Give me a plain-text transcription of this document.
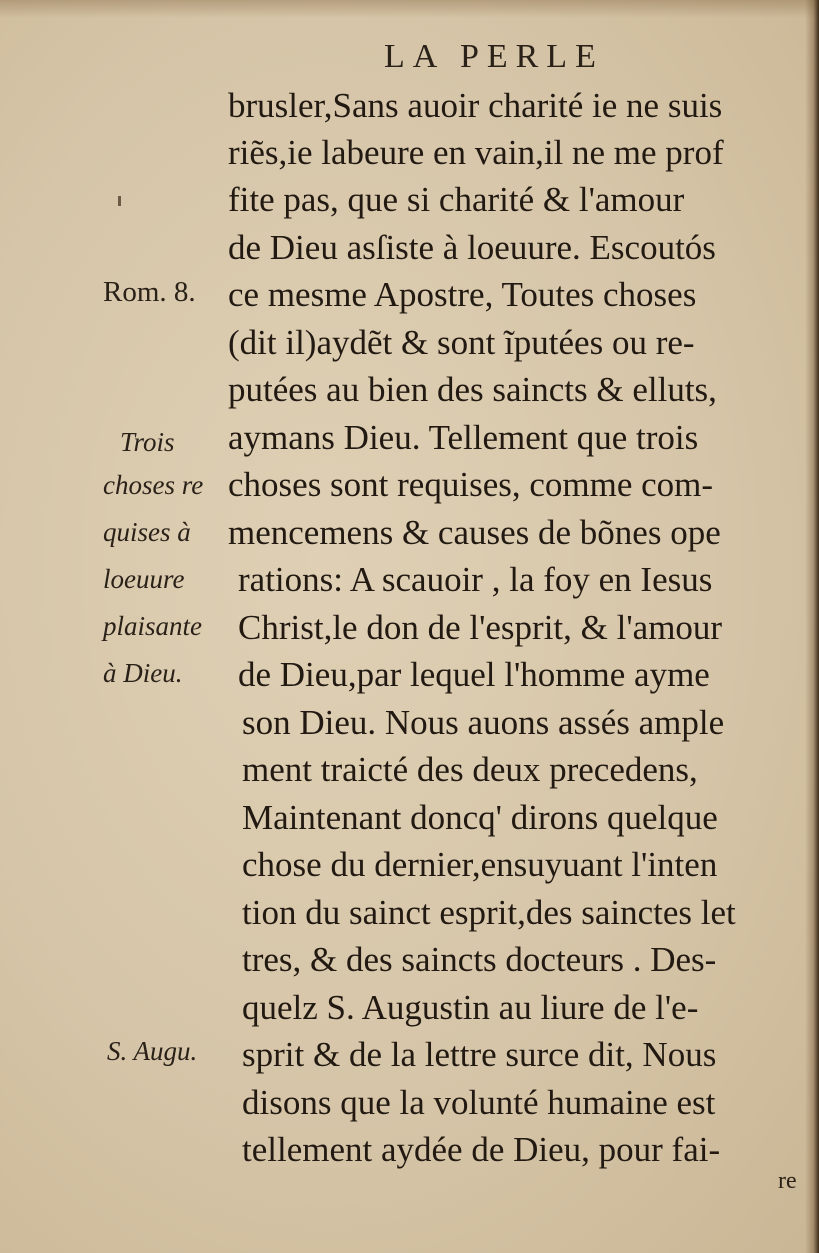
LA PERLE
brusler,Sans auoir charité ie ne suis
riẽs,ie labeure en vain,il ne me prof
fite pas, que si charité & l'amour
de Dieu asſiste à loeuure. Escoutós
ce mesme Apostre, Toutes choses
(dit il)aydẽt & sont ĩputées ou re-
putées au bien des saincts & elluts,
aymans Dieu. Tellement que trois
choses sont requises, comme com-
mencemens & causes de bõnes ope
rations: A scauoir , la foy en Iesus
Christ,le don de l'esprit, & l'amour
de Dieu,par lequel l'homme ayme
son Dieu. Nous auons assés ample
ment traicté des deux precedens,
Maintenant doncq' dirons quelque
chose du dernier,ensuyuant l'inten
tion du sainct esprit,des sainctes let
tres, & des saincts docteurs . Des-
quelz S. Augustin au liure de l'e-
sprit & de la lettre surce dit, Nous
disons que la volunté humaine est
tellement aydée de Dieu, pour fai-
Rom. 8.
Trois
choses re
quises à
loeuure
plaisante
à Dieu.
S. Augu.
re
